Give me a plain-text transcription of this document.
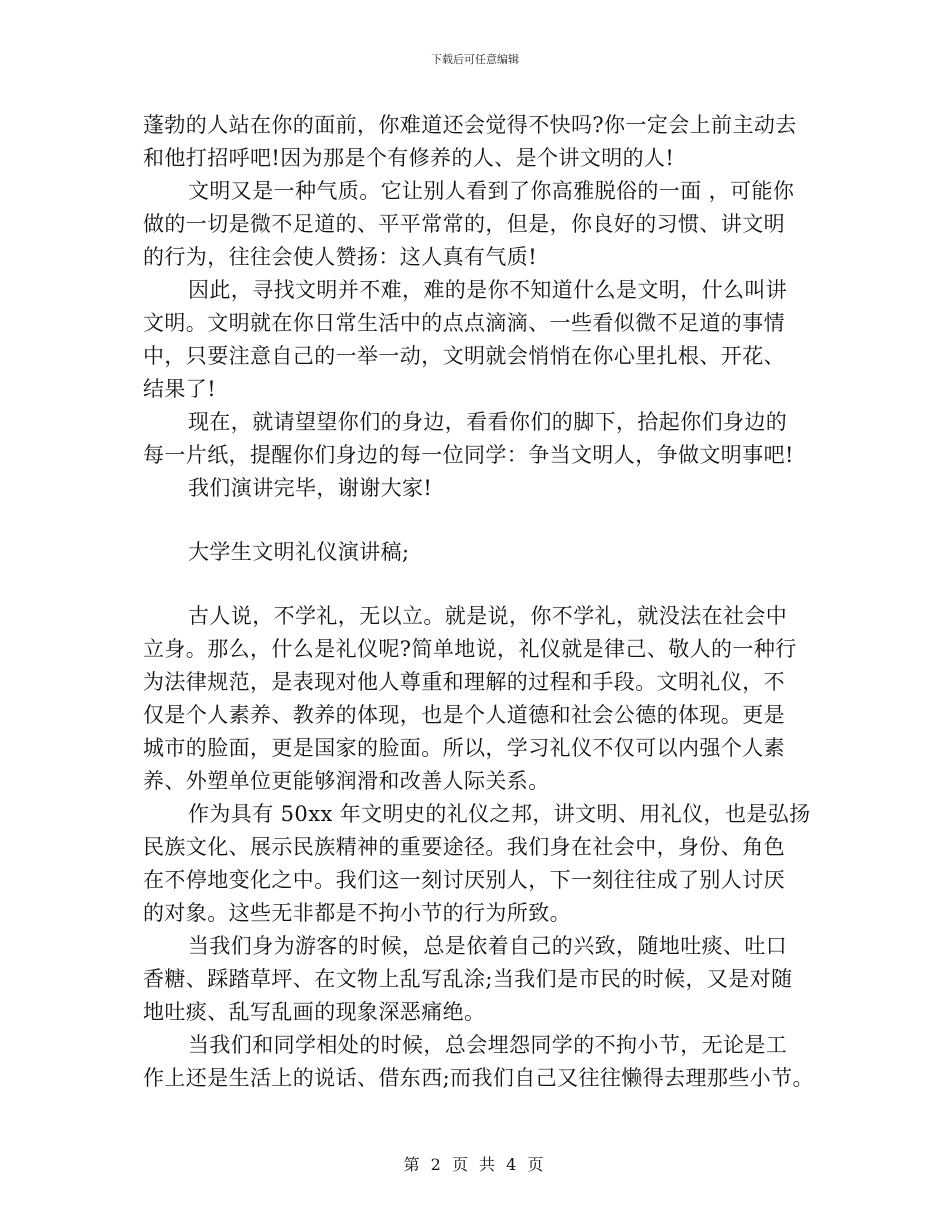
下载后可任意编辑
蓬勃的人站在你的面前，你难道还会觉得不快吗?你一定会上前主动去
和他打招呼吧!因为那是个有修养的人、是个讲文明的人!
文明又是一种气质。它让别人看到了你高雅脱俗的一面 ，可能你
做的一切是微不足道的、平平常常的，但是，你良好的习惯、讲文明
的行为，往往会使人赞扬：这人真有气质!
因此，寻找文明并不难，难的是你不知道什么是文明，什么叫讲
文明。文明就在你日常生活中的点点滴滴、一些看似微不足道的事情
中，只要注意自己的一举一动，文明就会悄悄在你心里扎根、开花、
结果了!
现在，就请望望你们的身边，看看你们的脚下，拾起你们身边的
每一片纸，提醒你们身边的每一位同学：争当文明人，争做文明事吧!
我们演讲完毕，谢谢大家!
大学生文明礼仪演讲稿;
古人说，不学礼，无以立。就是说，你不学礼，就没法在社会中
立身。那么，什么是礼仪呢?简单地说，礼仪就是律己、敬人的一种行
为法律规范，是表现对他人尊重和理解的过程和手段。文明礼仪，不
仅是个人素养、教养的体现，也是个人道德和社会公德的体现。更是
城市的脸面，更是国家的脸面。所以，学习礼仪不仅可以内强个人素
养、外塑单位更能够润滑和改善人际关系。
作为具有 50xx 年文明史的礼仪之邦，讲文明、用礼仪，也是弘扬
民族文化、展示民族精神的重要途径。我们身在社会中，身份、角色
在不停地变化之中。我们这一刻讨厌别人，下一刻往往成了别人讨厌
的对象。这些无非都是不拘小节的行为所致。
当我们身为游客的时候，总是依着自己的兴致，随地吐痰、吐口
香糖、踩踏草坪、在文物上乱写乱涂;当我们是市民的时候，又是对随
地吐痰、乱写乱画的现象深恶痛绝。
当我们和同学相处的时候，总会埋怨同学的不拘小节，无论是工
作上还是生活上的说话、借东西;而我们自己又往往懒得去理那些小节。
第 2 页 共 4 页
